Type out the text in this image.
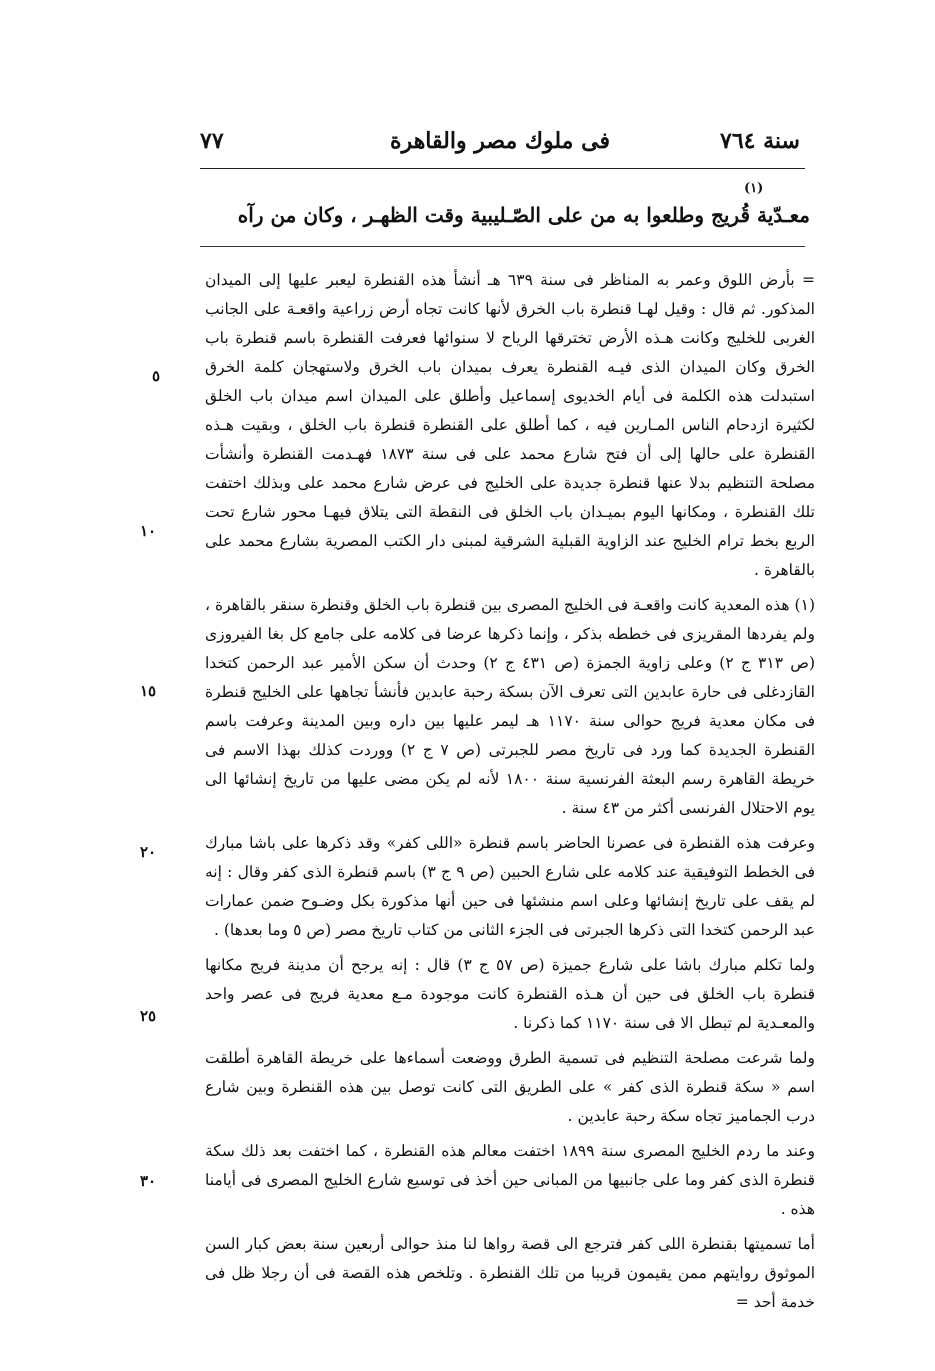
سنة ٧٦٤
فى ملوك مصر والقاهرة
٧٧
(١)
معـدّية قُريج وطلعوا به من على الصّـليبية وقت الظهـر ، وكان من رآه

= بأرض اللوق وعمر به المناظر فى سنة ٦٣٩ هـ أنشأ هذه القنطرة ليعبر عليها إلى الميدان المذكور. ثم قال : وقيل لهـا قنطرة باب الخرق لأنها كانت تجاه أرض زراعية واقعـة على الجانب الغربى للخليج وكانت هـذه الأرض تخترقها الرياح لا سنوائها فعرفت القنطرة باسم قنطرة باب الخرق وكان الميدان الذى فيـه القنطرة يعرف بميدان باب الخرق ولاستهجان كلمة الخرق استبدلت هذه الكلمة فى أيام الخديوى إسماعيل وأطلق على الميدان اسم ميدان باب الخلق لكثيرة ازدحام الناس المـارين فيه ، كما أطلق على القنطرة قنطرة باب الخلق ، وبقيت هـذه القنطرة على حالها إلى أن فتح شارع محمد على فى سنة ١٨٧٣ فهـدمت القنطرة وأنشأت مصلحة التنظيم بدلا عنها قنطرة جديدة على الخليج فى عرض شارع محمد على وبذلك اختفت تلك القنطرة ، ومكانها اليوم بميـدان باب الخلق فى النقطة التى يتلاق فيهـا محور شارع تحت الربع بخط ترام الخليج عند الزاوية القبلية الشرقية لمبنى دار الكتب المصرية بشارع محمد على بالقاهرة .

(١) هذه المعدية كانت واقعـة فى الخليج المصرى بين قنطرة باب الخلق وقنطرة سنقر بالقاهرة ، ولم يفردها المقريزى فى خططه بذكر ، وإنما ذكرها عرضا فى كلامه على جامع كل بغا الفيروزى (ص ٣١٣ ج ٢) وعلى زاوية الجمزة (ص ٤٣١ ج ٢) وحدث أن سكن الأمير عبد الرحمن كتخدا القازدغلى فى حارة عابدين التى تعرف الآن بسكة رحبة عابدين فأنشأ تجاهها على الخليج قنطرة فى مكان معدية فريج حوالى سنة ١١٧٠ هـ ليمر عليها بين داره وبين المدينة وعرفت باسم القنطرة الجديدة كما ورد فى تاريخ مصر للجبرتى (ص ٧ ج ٢) ووردت كذلك بهذا الاسم فى خريطة القاهرة رسم البعثة الفرنسية سنة ١٨٠٠ لأنه لم يكن مضى عليها من تاريخ إنشائها الى يوم الاحتلال الفرنسى أكثر من ٤٣ سنة .

وعرفت هذه القنطرة فى عصرنا الحاضر باسم قنطرة «اللى كفر» وقد ذكرها على باشا مبارك فى الخطط التوفيقية عند كلامه على شارع الحبين (ص ٩ ج ٣) باسم قنطرة الذى كفر وقال : إنه لم يقف على تاريخ إنشائها وعلى اسم منشئها فى حين أنها مذكورة بكل وضـوح ضمن عمارات عبد الرحمن كتخدا التى ذكرها الجبرتى فى الجزء الثانى من كتاب تاريخ مصر (ص ٥ وما بعدها) .

ولما تكلم مبارك باشا على شارع جميزة (ص ٥٧ ج ٣) قال : إنه يرجح أن مدينة فريج مكانها قنطرة باب الخلق فى حين أن هـذه القنطرة كانت موجودة مـع معدية فريج فى عصر واحد والمعـدية لم تبطل الا فى سنة ١١٧٠ كما ذكرنا .

ولما شرعت مصلحة التنظيم فى تسمية الطرق ووضعت أسماءها على خريطة القاهرة أطلقت اسم « سكة قنطرة الذى كفر » على الطريق التى كانت توصل بين هذه القنطرة وبين شارع درب الجماميز تجاه سكة رحبة عابدين .

وعند ما ردم الخليج المصرى سنة ١٨٩٩ اختفت معالم هذه القنطرة ، كما اختفت بعد ذلك سكة قنطرة الذى كفر وما على جانبيها من المبانى حين أخذ فى توسيع شارع الخليج المصرى فى أيامنا هذه .

أما تسميتها بقنطرة اللى كفر فترجع الى قصة رواها لنا منذ حوالى أربعين سنة بعض كبار السن الموثوق روايتهم ممن يقيمون قريبا من تلك القنطرة . وتلخص هذه القصة فى أن رجلا ظل فى خدمة أحد =

٥
١٠
١٥
٢٠
٢٥
٣٠
